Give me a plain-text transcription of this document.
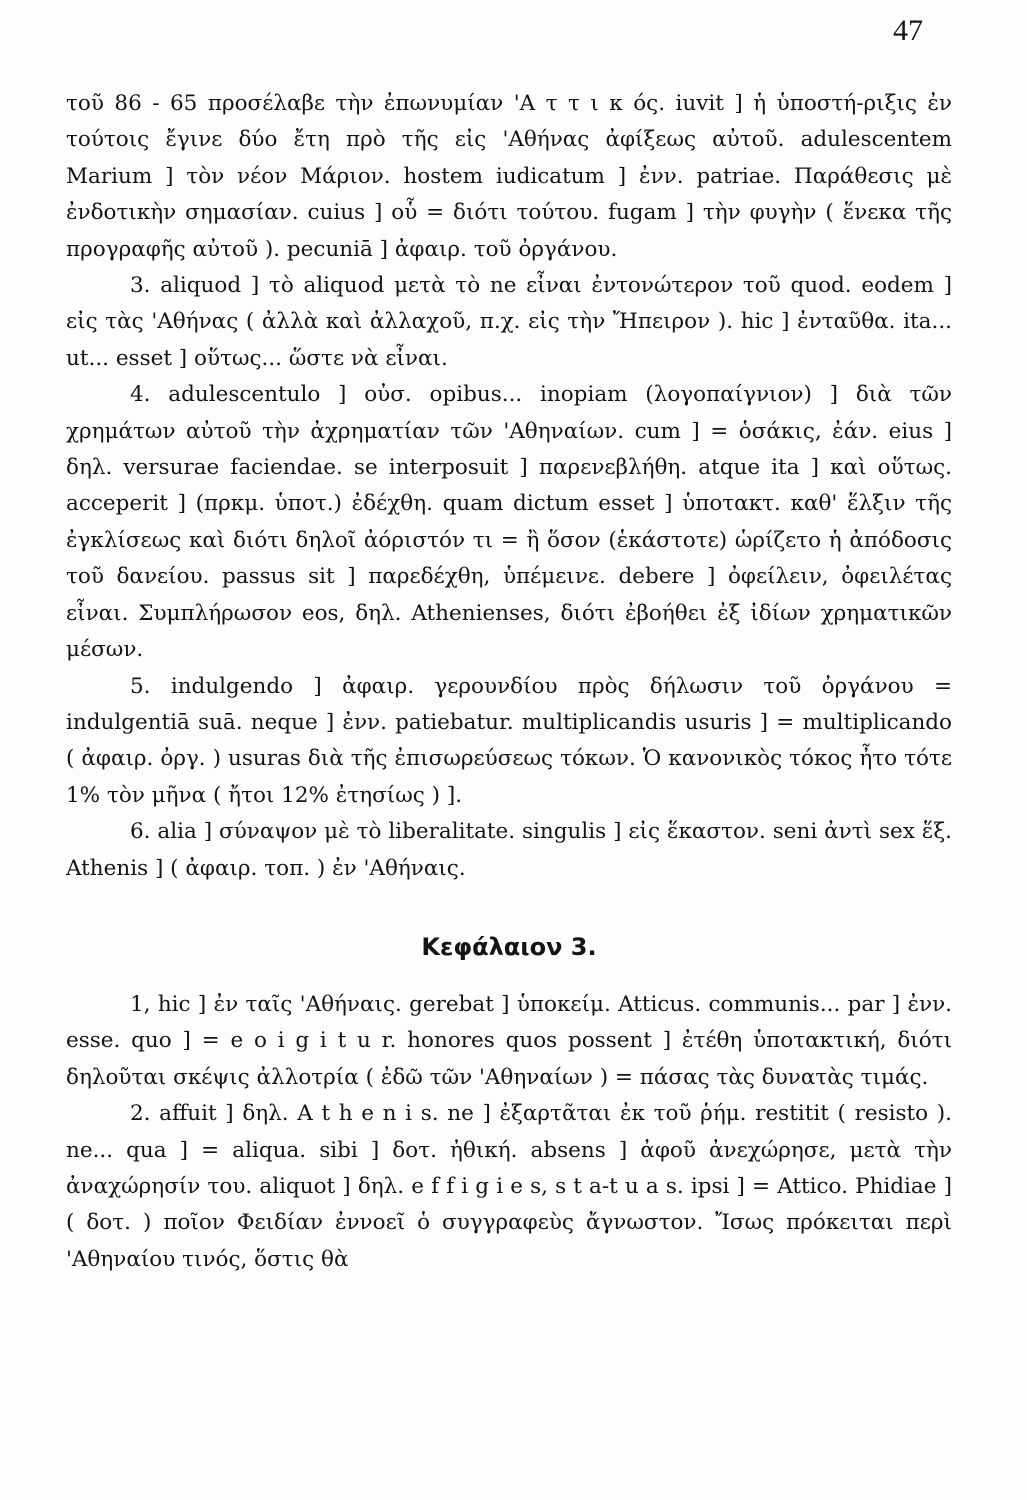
47

τοῦ 86 - 65 προσέλαβε τὴν ἐπωνυμίαν 'Α τ τ ι κ ός. iuvit ] ἡ ὑποστή-ριξις ἐν τούτοις ἔγινε δύο ἔτη πρὸ τῆς εἰς 'Αθήνας ἀφίξεως αὐτοῦ. adulescentem Marium ] τὸν νέον Μάριον. hostem iudicatum ] ἐνν. patriae. Παράθεσις μὲ ἐνδοτικὴν σημασίαν. cuius ] οὗ = διότι τούτου. fugam ] τὴν φυγὴν ( ἕνεκα τῆς προγραφῆς αὐτοῦ ). pecuniā ] ἀφαιρ. τοῦ ὀργάνου.

3. aliquod ] τὸ aliquod μετὰ τὸ ne εἶναι ἐντονώτερον τοῦ quod. eodem ] εἰς τὰς 'Αθήνας ( ἀλλὰ καὶ ἀλλαχοῦ, π.χ. εἰς τὴν Ἤπειρον ). hic ] ἐνταῦθα. ita... ut... esset ] οὕτως... ὥστε νὰ εἶναι.

4. adulescentulo ] οὐσ. opibus... inopiam (λογοπαίγνιον) ] διὰ τῶν χρημάτων αὐτοῦ τὴν ἀχρηματίαν τῶν 'Αθηναίων. cum ] = ὁσάκις, ἐάν. eius ] δηλ. versurae faciendae. se interposuit ] παρενεβλήθη. atque ita ] καὶ οὕτως. acceperit ] (πρκμ. ὑποτ.) ἐδέχθη. quam dictum esset ] ὑποτακτ. καθ' ἕλξιν τῆς ἐγκλίσεως καὶ διότι δηλοῖ ἀόριστόν τι = ἢ ὅσον (ἑκάστοτε) ὡρίζετο ἡ ἀπόδοσις τοῦ δανείου. passus sit ] παρεδέχθη, ὑπέμεινε. debere ] ὀφείλειν, ὀφειλέτας εἶναι. Συμπλήρωσον eos, δηλ. Athenienses, διότι ἐβοήθει ἐξ ἰδίων χρηματικῶν μέσων.

5. indulgendo ] ἀφαιρ. γερουνδίου πρὸς δήλωσιν τοῦ ὀργάνου = indulgentiā suā. neque ] ἐνν. patiebatur. multiplicandis usuris ] = multiplicando ( ἀφαιρ. ὀργ. ) usuras διὰ τῆς ἐπισωρεύσεως τόκων. Ὁ κανονικὸς τόκος ἦτο τότε 1% τὸν μῆνα ( ἤτοι 12% ἐτησίως ) ].

6. alia ] σύναψον μὲ τὸ liberalitate. singulis ] εἰς ἕκαστον. seni ἀντὶ sex ἕξ. Athenis ] ( ἀφαιρ. τοπ. ) ἐν 'Αθήναις.

Κεφάλαιον 3.

1, hic ] ἐν ταῖς 'Αθήναις. gerebat ] ὑποκείμ. Atticus. communis... par ] ἐνν. esse. quo ] = e o i g i t u r. honores quos possent ] ἐτέθη ὑποτακτική, διότι δηλοῦται σκέψις ἀλλοτρία ( ἐδῶ τῶν 'Αθηναίων ) = πάσας τὰς δυνατὰς τιμάς.

2. affuit ] δηλ. A t h e n i s. ne ] ἐξαρτᾶται ἐκ τοῦ ῥήμ. restitit ( resisto ). ne... qua ] = aliqua. sibi ] δοτ. ἠθική. absens ] ἀφοῦ ἀνεχώρησε, μετὰ τὴν ἀναχώρησίν του. aliquot ] δηλ. e f f i g i e s, s t a-t u a s. ipsi ] = Attico. Phidiae ] ( δοτ. ) ποῖον Φειδίαν ἐννοεῖ ὁ συγγραφεὺς ἄγνωστον. Ἴσως πρόκειται περὶ 'Αθηναίου τινός, ὅστις θὰ
